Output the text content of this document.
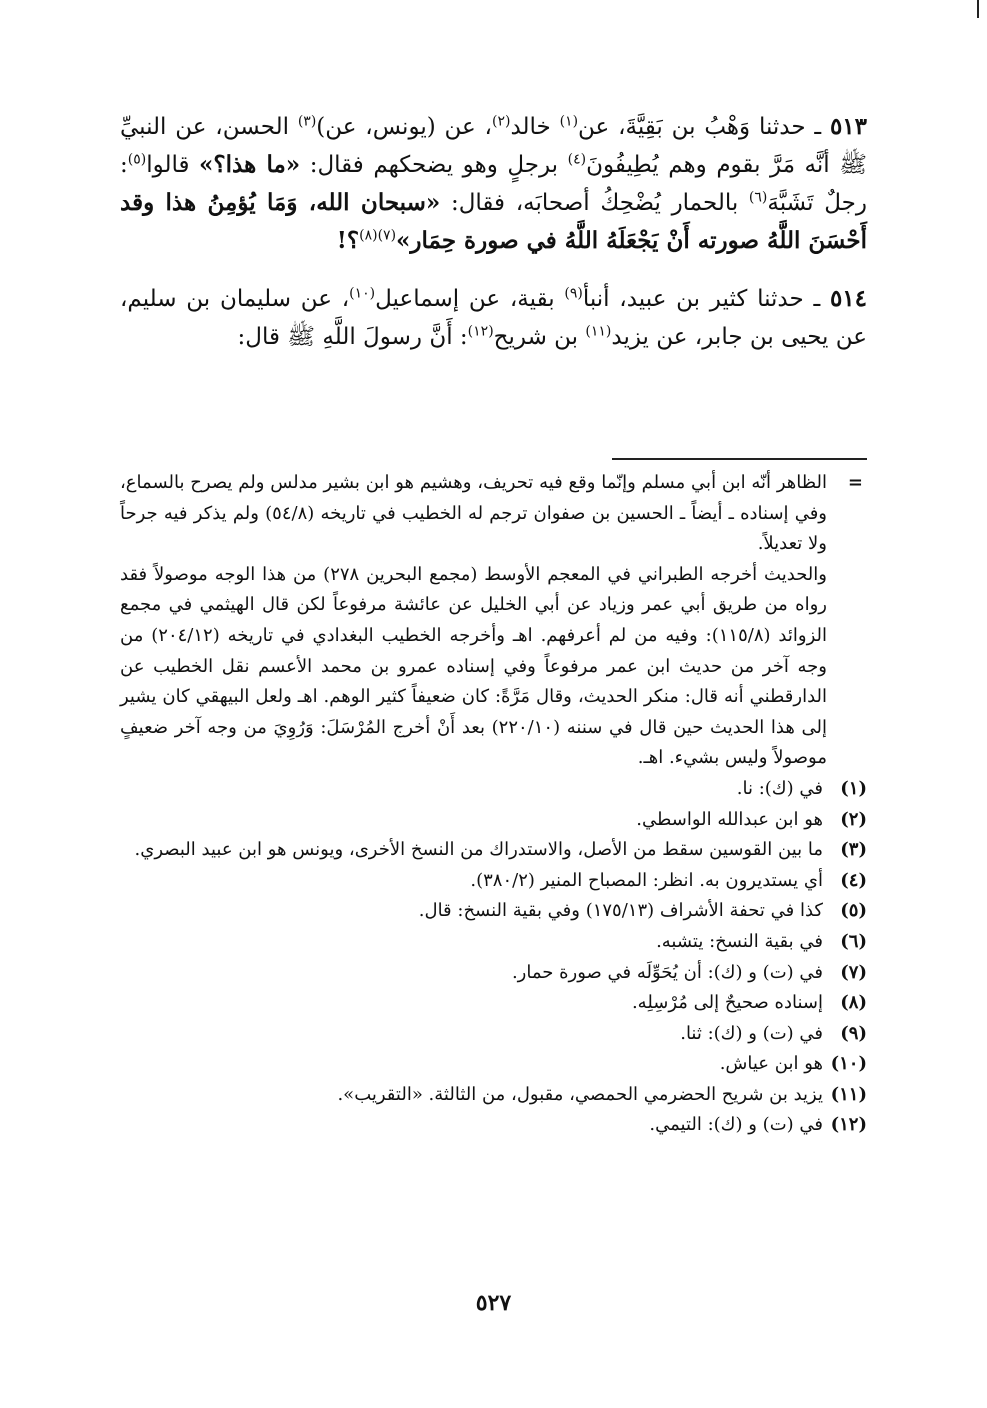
٥١٣ ـ حدثنا وَهْبُ بن بَقِيَّةَ، عن$^{(١)}$ خالد$^{(٢)}$، عن (يونس، عن)$^{(٣)}$ الحسن، عن النبيِّ ﷺ أنَّه مَرَّ بقوم وهم يُطِيفُونَ$^{(٤)}$ برجلٍ وهو يضحكهم فقال: «ما هذا؟» قالوا$^{(٥)}$: رجلٌ تَشَبَّهَ$^{(٦)}$ بالحمار يُضْحِكُ أصحابَه، فقال: «سبحان الله، وَمَا يُؤمِنُ هذا وقد أَحْسَنَ اللَّهُ صورته أَنْ يَجْعَلَهُ اللَّهُ في صورة حِمَار»$^{(٧)(٨)}$؟!

٥١٤ ـ حدثنا كثير بن عبيد، أنبأ$^{(٩)}$ بقية، عن إسماعيل$^{(١٠)}$، عن سليمان بن سليم، عن يحيى بن جابر، عن يزيد$^{(١١)}$ بن شريح$^{(١٢)}$: أَنَّ رسولَ اللَّهِ ﷺ قال:

=

الظاهر أنّه ابن أبي مسلم وإنّما وقع فيه تحريف، وهشيم هو ابن بشير مدلس ولم يصرح بالسماع، وفي إسناده ـ أيضاً ـ الحسين بن صفوان ترجم له الخطيب في تاريخه (٥٤/٨) ولم يذكر فيه جرحاً ولا تعديلاً.

والحديث أخرجه الطبراني في المعجم الأوسط (مجمع البحرين ٢٧٨) من هذا الوجه موصولاً فقد رواه من طريق أبي عمر وزياد عن أبي الخليل عن عائشة مرفوعاً لكن قال الهيثمي في مجمع الزوائد (١١٥/٨): وفيه من لم أعرفهم. اهـ وأخرجه الخطيب البغدادي في تاريخه (٢٠٤/١٢) من وجه آخر من حديث ابن عمر مرفوعاً وفي إسناده عمرو بن محمد الأعسم نقل الخطيب عن الدارقطني أنه قال: منكر الحديث، وقال مَرَّةً: كان ضعيفاً كثير الوهم. اهـ ولعل البيهقي كان يشير إلى هذا الحديث حين قال في سننه (٢٢٠/١٠) بعد أَنْ أخرج المُرْسَلَ: وَرُوِيَ من وجه آخر ضعيفٍ موصولاً وليس بشيء. اهـ.

(١)
في (ك): نا.
(٢)
هو ابن عبدالله الواسطي.
(٣)
ما بين القوسين سقط من الأصل، والاستدراك من النسخ الأخرى، ويونس هو ابن عبيد البصري.
(٤)
أي يستديرون به. انظر: المصباح المنير (٣٨٠/٢).
(٥)
كذا في تحفة الأشراف (١٧٥/١٣) وفي بقية النسخ: قال.
(٦)
في بقية النسخ: يتشبه.
(٧)
في (ت) و (ك): أن يُحَوِّلَه في صورة حمار.
(٨)
إسناده صحيحٌ إلى مُرْسِلِه.
(٩)
في (ت) و (ك): ثنا.
(١٠)
هو ابن عياش.
(١١)
يزيد بن شريح الحضرمي الحمصي، مقبول، من الثالثة. «التقريب».
(١٢)
في (ت) و (ك): التيمي.
٥٢٧
